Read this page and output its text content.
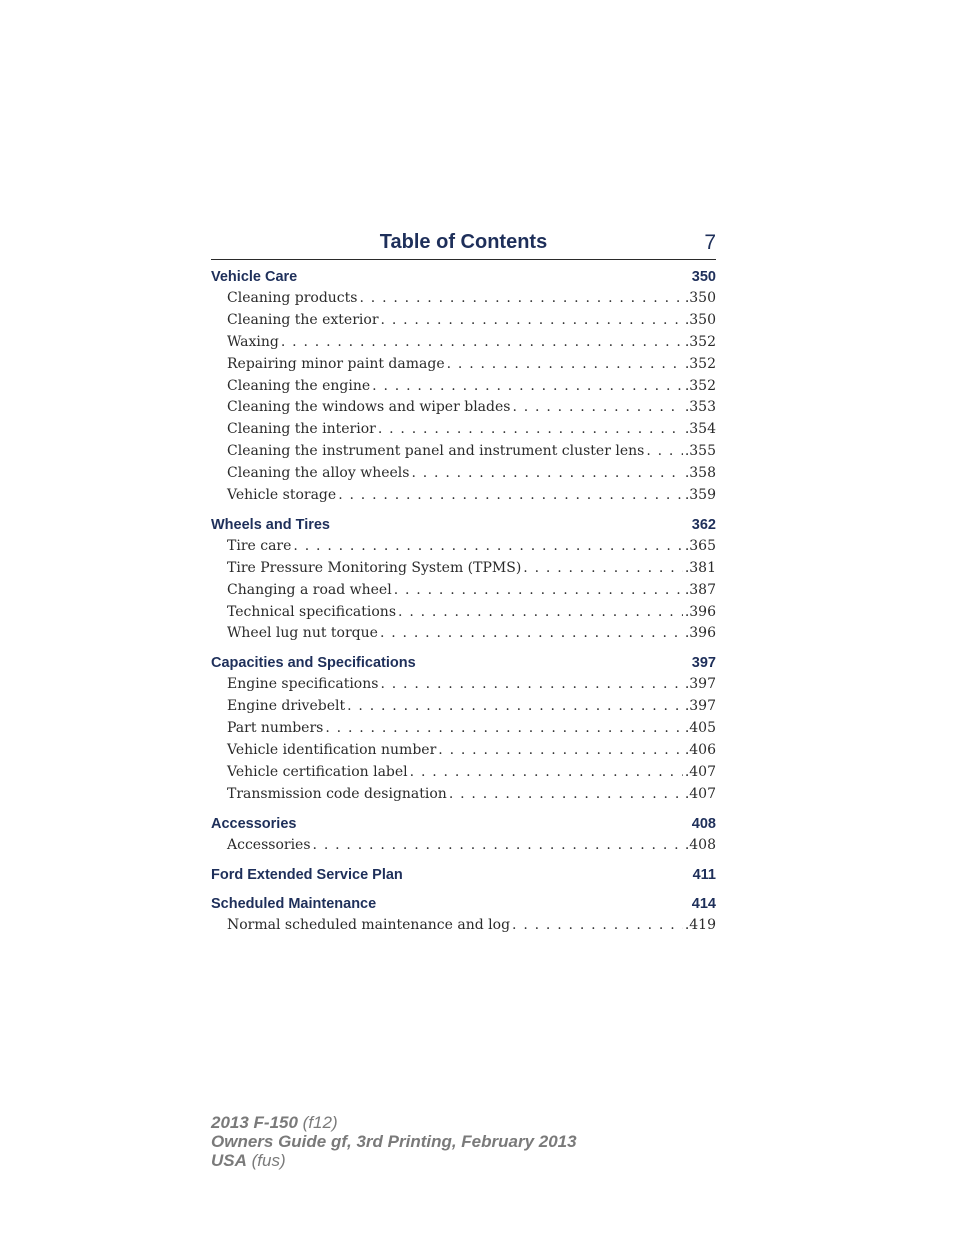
Table of Contents	7
Vehicle Care	350
Cleaning products . . .	.350
Cleaning the exterior . . .	.350
Waxing . . .	.352
Repairing minor paint damage . . .	.352
Cleaning the engine . . .	.352
Cleaning the windows and wiper blades . . .	.353
Cleaning the interior . . .	.354
Cleaning the instrument panel and instrument cluster lens . . .	.355
Cleaning the alloy wheels . . .	.358
Vehicle storage . . .	.359
Wheels and Tires	362
Tire care . . .	.365
Tire Pressure Monitoring System (TPMS) . . .	.381
Changing a road wheel . . .	.387
Technical specifications . . .	.396
Wheel lug nut torque . . .	.396
Capacities and Specifications	397
Engine specifications . . .	.397
Engine drivebelt . . .	.397
Part numbers . . .	.405
Vehicle identification number . . .	.406
Vehicle certification label . . .	.407
Transmission code designation . . .	.407
Accessories	408
Accessories . . .	.408
Ford Extended Service Plan	411
Scheduled Maintenance	414
Normal scheduled maintenance and log . . .	.419
2013 F-150 (f12)
Owners Guide gf, 3rd Printing, February 2013
USA (fus)
